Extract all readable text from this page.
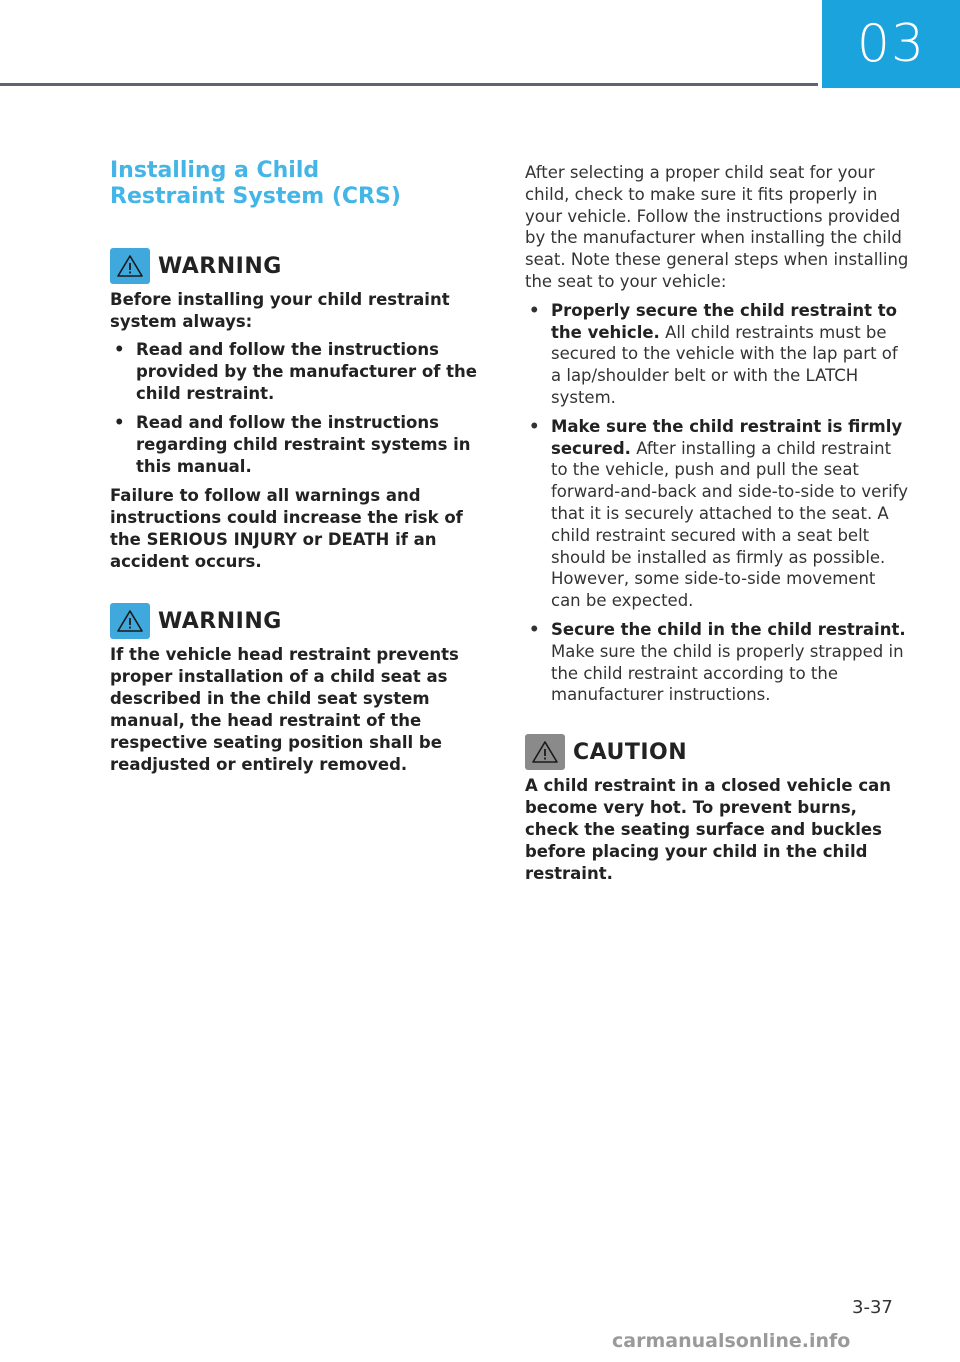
03
Installing a Child Restraint System (CRS)
WARNING

Before installing your child restraint system always:

• Read and follow the instructions provided by the manufacturer of the child restraint.
• Read and follow the instructions regarding child restraint systems in this manual.

Failure to follow all warnings and instructions could increase the risk of the SERIOUS INJURY or DEATH if an accident occurs.

WARNING

If the vehicle head restraint prevents proper installation of a child seat as described in the child seat system manual, the head restraint of the respective seating position shall be readjusted or entirely removed.

After selecting a proper child seat for your child, check to make sure it fits properly in your vehicle. Follow the instructions provided by the manufacturer when installing the child seat. Note these general steps when installing the seat to your vehicle:

• Properly secure the child restraint to the vehicle. All child restraints must be secured to the vehicle with the lap part of a lap/shoulder belt or with the LATCH system.
• Make sure the child restraint is firmly secured. After installing a child restraint to the vehicle, push and pull the seat forward-and-back and side-to-side to verify that it is securely attached to the seat. A child restraint secured with a seat belt should be installed as firmly as possible. However, some side-to-side movement can be expected.
• Secure the child in the child restraint. Make sure the child is properly strapped in the child restraint according to the manufacturer instructions.
CAUTION

A child restraint in a closed vehicle can become very hot. To prevent burns, check the seating surface and buckles before placing your child in the child restraint.

3-37
carmanualsonline.info
